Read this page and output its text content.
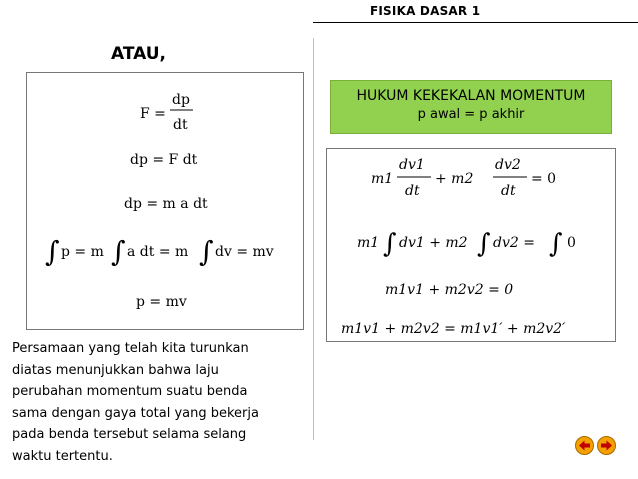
FISIKA DASAR 1
ATAU,
F =
dp
dt
dp = F dt
dp = m a dt
∫ p = m ∫ a dt = m ∫ dv = mv
p = mv
HUKUM KEKEKALAN MOMENTUM
p awal = p akhir
m1
dv1
dt
+ m2
dv2
dt
= 0
m1 ∫ dv1 + m2 ∫ dv2 = ∫ 0
m1v1 + m2v2 = 0
m1v1 + m2v2 = m1v1′ + m2v2′
Persamaan yang telah kita turunkan
diatas menunjukkan bahwa laju
perubahan momentum suatu benda
sama dengan gaya total yang bekerja
pada benda tersebut selama selang
waktu tertentu.
